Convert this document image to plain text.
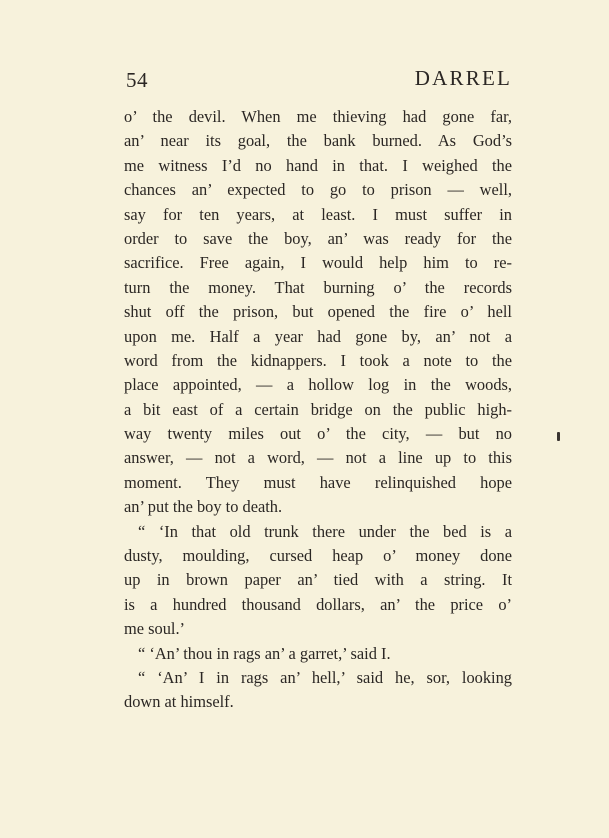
54	DARREL
o’ the devil. When me thieving had gone far,
an’ near its goal, the bank burned. As God’s
me witness I’d no hand in that. I weighed the
chances an’ expected to go to prison — well,
say for ten years, at least. I must suffer in
order to save the boy, an’ was ready for the
sacrifice. Free again, I would help him to re-
turn the money. That burning o’ the records
shut off the prison, but opened the fire o’ hell
upon me. Half a year had gone by, an’ not a
word from the kidnappers. I took a note to the
place appointed, — a hollow log in the woods,
a bit east of a certain bridge on the public high-
way twenty miles out o’ the city, — but no
answer, — not a word, — not a line up to this
moment. They must have relinquished hope
an’ put the boy to death.
“ ‘In that old trunk there under the bed is a
dusty, moulding, cursed heap o’ money done
up in brown paper an’ tied with a string. It
is a hundred thousand dollars, an’ the price o’
me soul.’
“ ‘An’ thou in rags an’ a garret,’ said I.
“ ‘An’ I in rags an’ hell,’ said he, sor, looking
down at himself.
